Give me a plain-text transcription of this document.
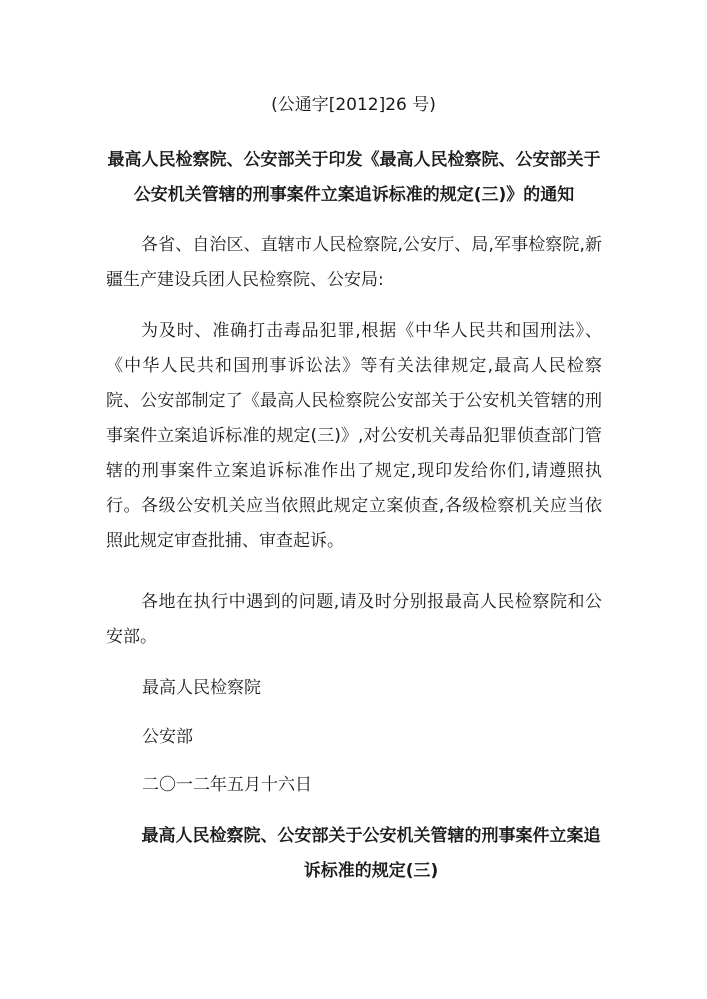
(公通字[2012]26 号)
最高人民检察院、公安部关于印发《最高人民检察院、公安部关于公安机关管辖的刑事案件立案追诉标准的规定(三)》的通知

各省、自治区、直辖市人民检察院,公安厅、局,军事检察院,新疆生产建设兵团人民检察院、公安局:

为及时、准确打击毒品犯罪,根据《中华人民共和国刑法》、《中华人民共和国刑事诉讼法》等有关法律规定,最高人民检察院、公安部制定了《最高人民检察院公安部关于公安机关管辖的刑事案件立案追诉标准的规定(三)》,对公安机关毒品犯罪侦查部门管辖的刑事案件立案追诉标准作出了规定,现印发给你们,请遵照执行。各级公安机关应当依照此规定立案侦查,各级检察机关应当依照此规定审查批捕、审查起诉。

各地在执行中遇到的问题,请及时分别报最高人民检察院和公安部。

最高人民检察院
公安部
二〇一二年五月十六日
最高人民检察院、公安部关于公安机关管辖的刑事案件立案追诉标准的规定(三)
